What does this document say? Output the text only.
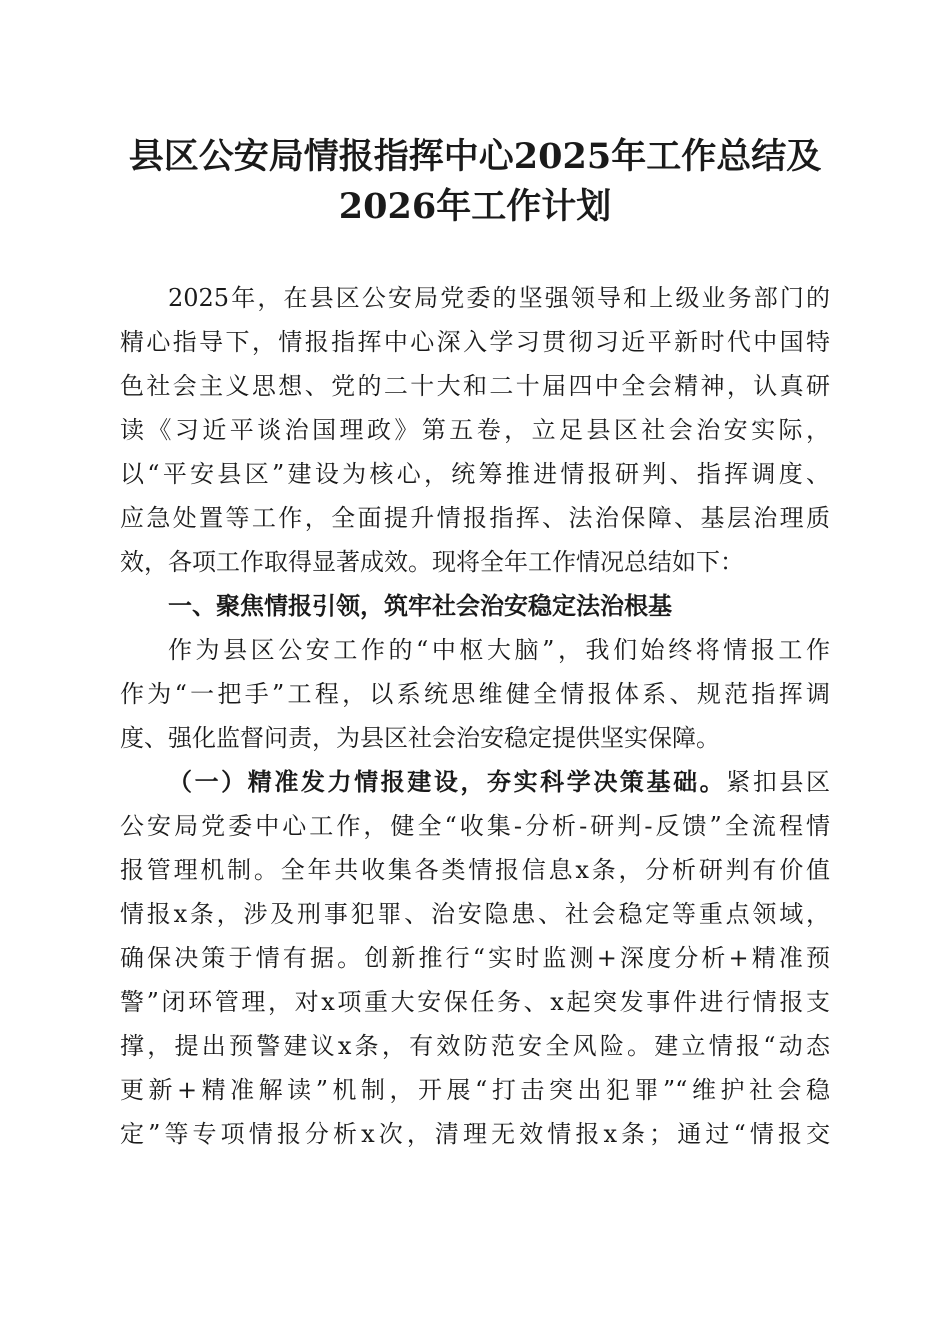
县区公安局情报指挥中心2025年工作总结及
2026年工作计划
2025年，在县区公安局党委的坚强领导和上级业务部门的
精心指导下，情报指挥中心深入学习贯彻习近平新时代中国特
色社会主义思想、党的二十大和二十届四中全会精神，认真研
读《习近平谈治国理政》第五卷，立足县区社会治安实际，
以“平安县区”建设为核心，统筹推进情报研判、指挥调度、
应急处置等工作，全面提升情报指挥、法治保障、基层治理质
效，各项工作取得显著成效。现将全年工作情况总结如下：
一、聚焦情报引领，筑牢社会治安稳定法治根基
作为县区公安工作的“中枢大脑”，我们始终将情报工作
作为“一把手”工程，以系统思维健全情报体系、规范指挥调
度、强化监督问责，为县区社会治安稳定提供坚实保障。
（一）精准发力情报建设，夯实科学决策基础。紧扣县区
公安局党委中心工作，健全“收集-分析-研判-反馈”全流程情
报管理机制。全年共收集各类情报信息x条，分析研判有价值
情报x条，涉及刑事犯罪、治安隐患、社会稳定等重点领域，
确保决策于情有据。创新推行“实时监测+深度分析+精准预
警”闭环管理，对x项重大安保任务、x起突发事件进行情报支
撑，提出预警建议x条，有效防范安全风险。建立情报“动态
更新+精准解读”机制，开展“打击突出犯罪”“维护社会稳
定”等专项情报分析x次，清理无效情报x条；通过“情报交
